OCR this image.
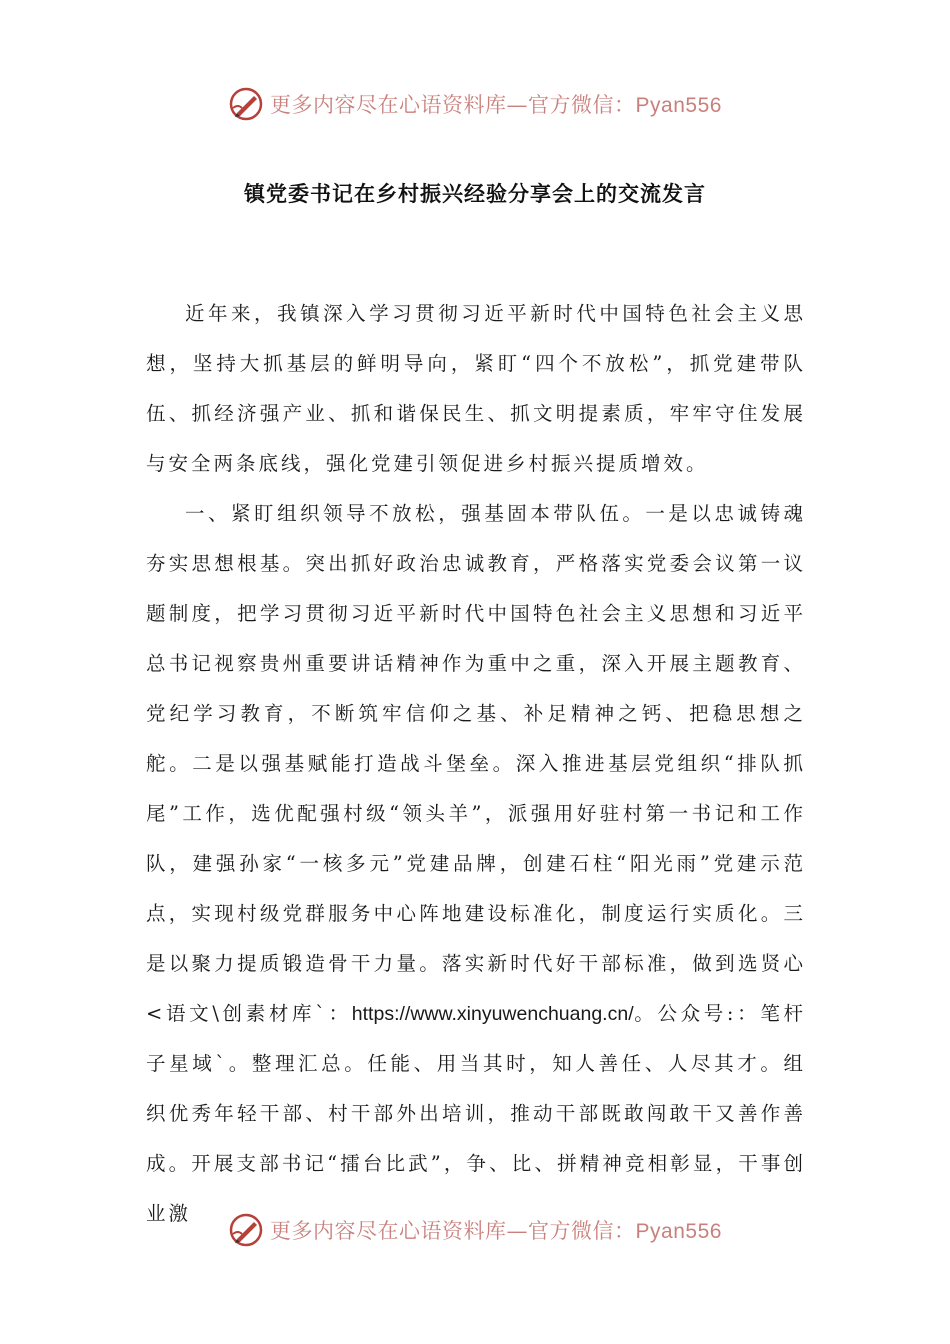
更多内容尽在心语资料库—官方微信：Pyan556
镇党委书记在乡村振兴经验分享会上的交流发言

近年来，我镇深入学习贯彻习近平新时代中国特色社会主义思想，坚持大抓基层的鲜明导向，紧盯“四个不放松”，抓党建带队伍、抓经济强产业、抓和谐保民生、抓文明提素质，牢牢守住发展与安全两条底线，强化党建引领促进乡村振兴提质增效。

一、紧盯组织领导不放松，强基固本带队伍。一是以忠诚铸魂夯实思想根基。突出抓好政治忠诚教育，严格落实党委会议第一议题制度，把学习贯彻习近平新时代中国特色社会主义思想和习近平总书记视察贵州重要讲话精神作为重中之重，深入开展主题教育、党纪学习教育，不断筑牢信仰之基、补足精神之钙、把稳思想之舵。二是以强基赋能打造战斗堡垒。深入推进基层党组织“排队抓尾”工作，选优配强村级“领头羊”，派强用好驻村第一书记和工作队，建强孙家“一核多元”党建品牌，创建石柱“阳光雨”党建示范点，实现村级党群服务中心阵地建设标准化，制度运行实质化。三是以聚力提质锻造骨干力量。落实新时代好干部标准，做到选贤心<语文\创素材库`：https://www.xinyuwenchuang.cn/。公众号:：笔杆子星域`。整理汇总。任能、用当其时，知人善任、人尽其才。组织优秀年轻干部、村干部外出培训，推动干部既敢闯敢干又善作善成。开展支部书记“擂台比武”，争、比、拼精神竞相彰显，干事创业激

更多内容尽在心语资料库—官方微信：Pyan556
